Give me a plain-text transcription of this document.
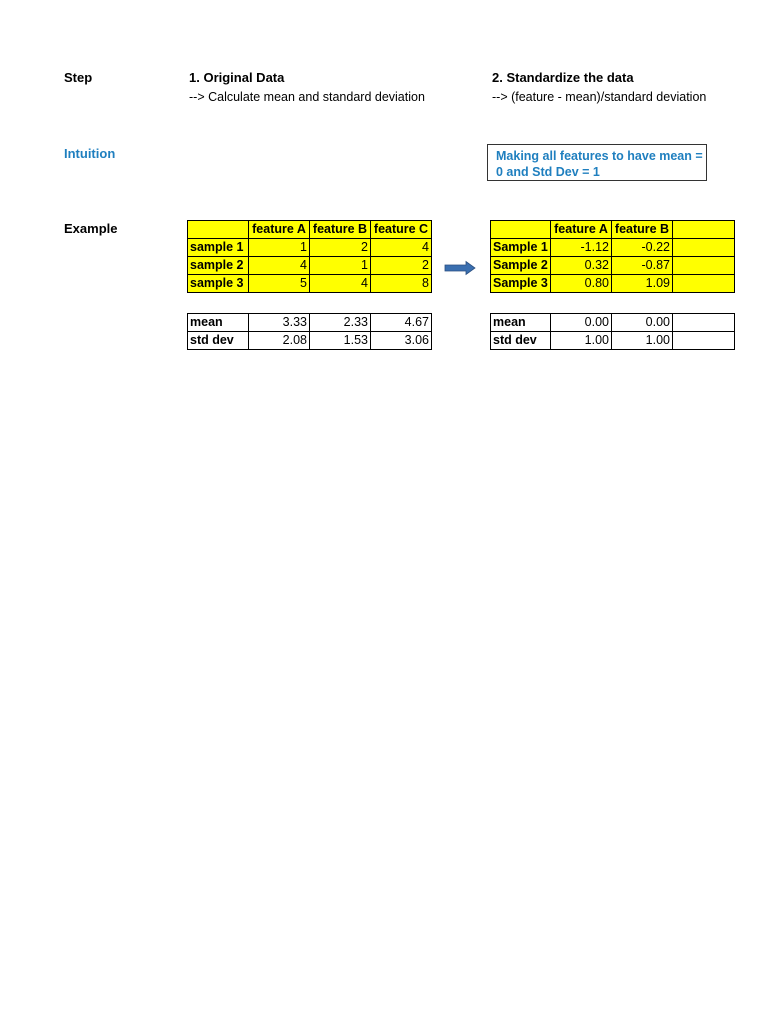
Step
Intuition
Example
1. Original Data
--> Calculate mean and standard deviation
	feature A	feature B	feature C
sample 1	1	2	4
sample 2	4	1	2
sample 3	5	4	8
mean	3.33	2.33	4.67
std dev	2.08	1.53	3.06
2. Standardize the data
--> (feature - mean)/standard deviation
Making all features to have mean =
0 and Std Dev = 1
	feature A	feature B	
Sample 1	-1.12	-0.22	
Sample 2	0.32	-0.87	
Sample 3	0.80	1.09	
mean	0.00	0.00	
std dev	1.00	1.00	
